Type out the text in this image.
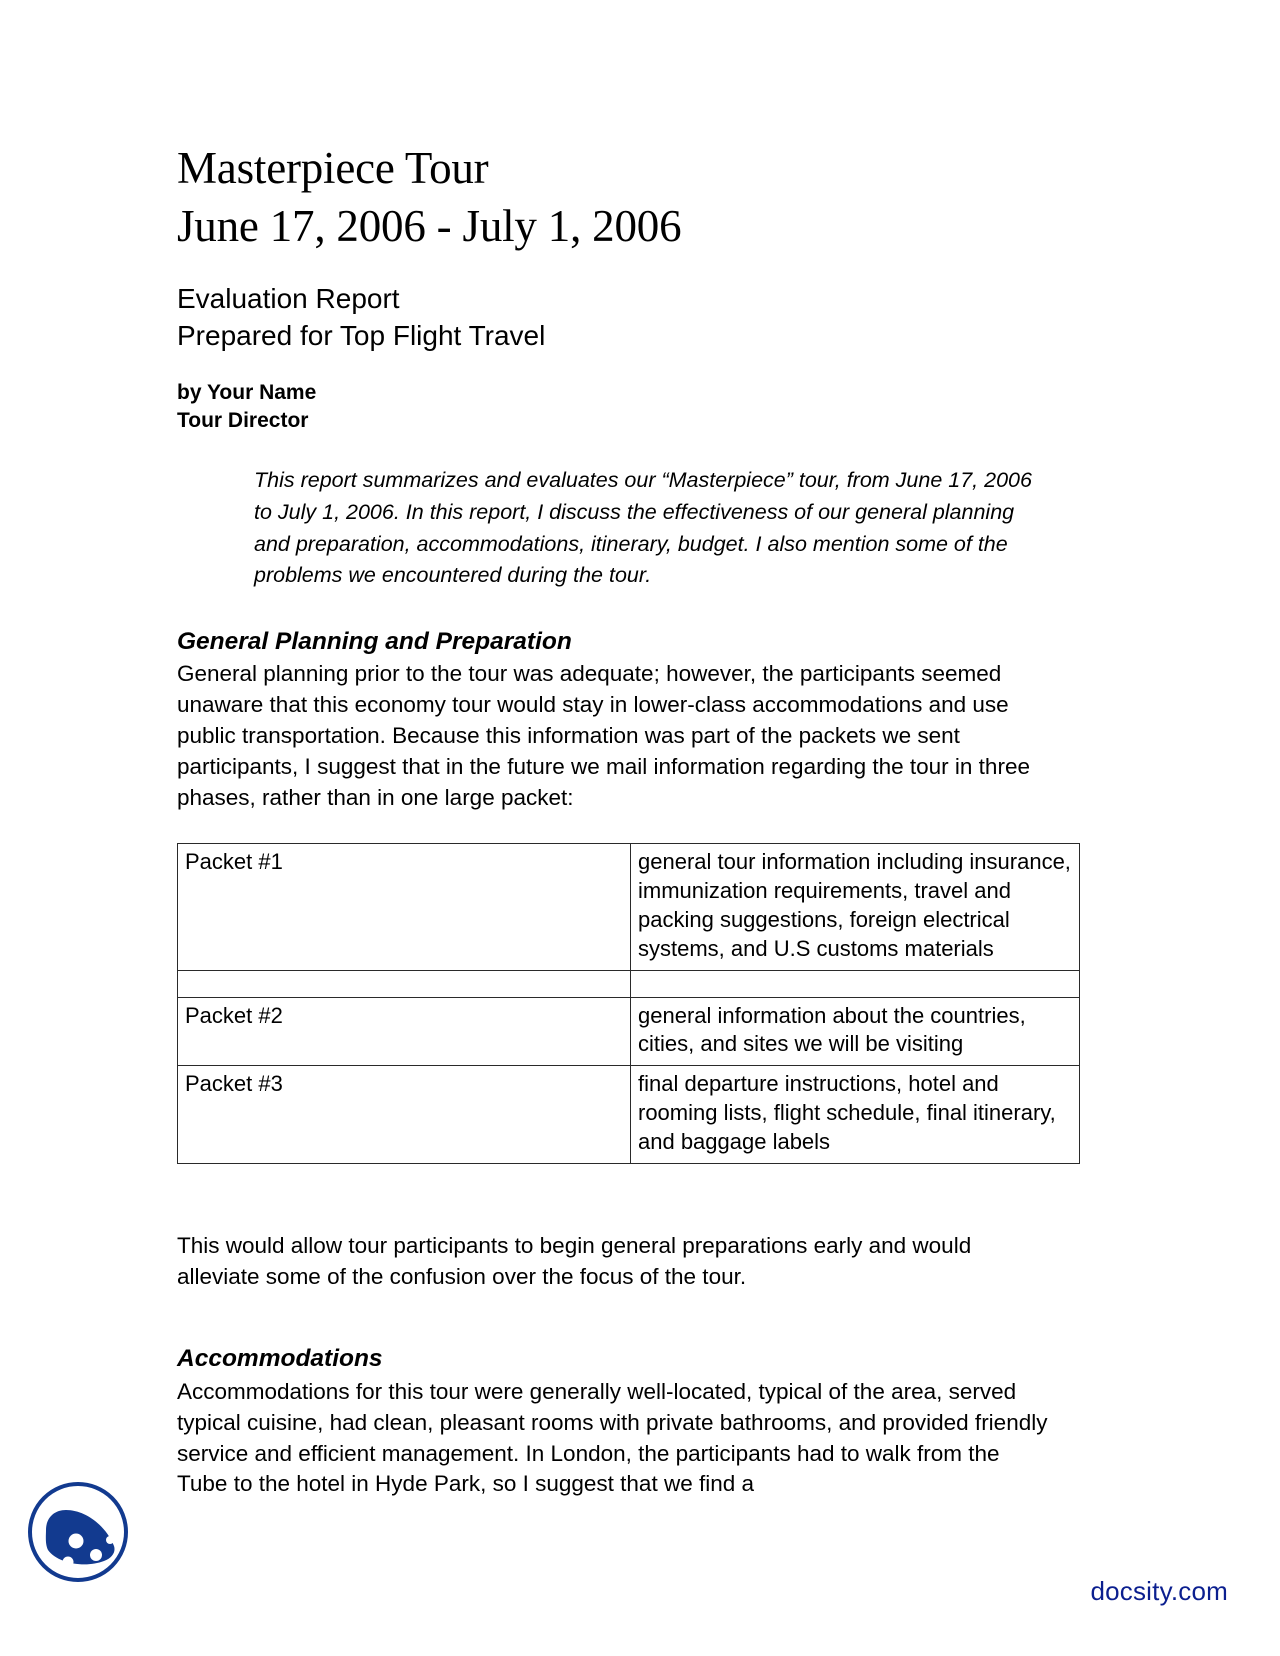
Masterpiece Tour
June 17, 2006 - July 1, 2006
Evaluation Report
Prepared for Top Flight Travel
by Your Name
Tour Director

This report summarizes and evaluates our “Masterpiece” tour, from June 17, 2006 to July 1, 2006. In this report, I discuss the effectiveness of our general planning and preparation, accommodations, itinerary, budget. I also mention some of the problems we encountered during the tour.

General Planning and Preparation

General planning prior to the tour was adequate; however, the participants seemed unaware that this economy tour would stay in lower-class accommodations and use public transportation. Because this information was part of the packets we sent participants, I suggest that in the future we mail information regarding the tour in three phases, rather than in one large packet:

Packet #1	general tour information including insurance, immunization requirements, travel and packing suggestions, foreign electrical systems, and U.S customs materials

Packet #2	general information about the countries, cities, and sites we will be visiting
Packet #3	final departure instructions, hotel and rooming lists, flight schedule, final itinerary, and baggage labels

This would allow tour participants to begin general preparations early and would alleviate some of the confusion over the focus of the tour.

Accommodations

Accommodations for this tour were generally well-located, typical of the area, served typical cuisine, had clean, pleasant rooms with private bathrooms, and provided friendly service and efficient management. In London, the participants had to walk from the Tube to the hotel in Hyde Park, so I suggest that we find a

docsity.com
